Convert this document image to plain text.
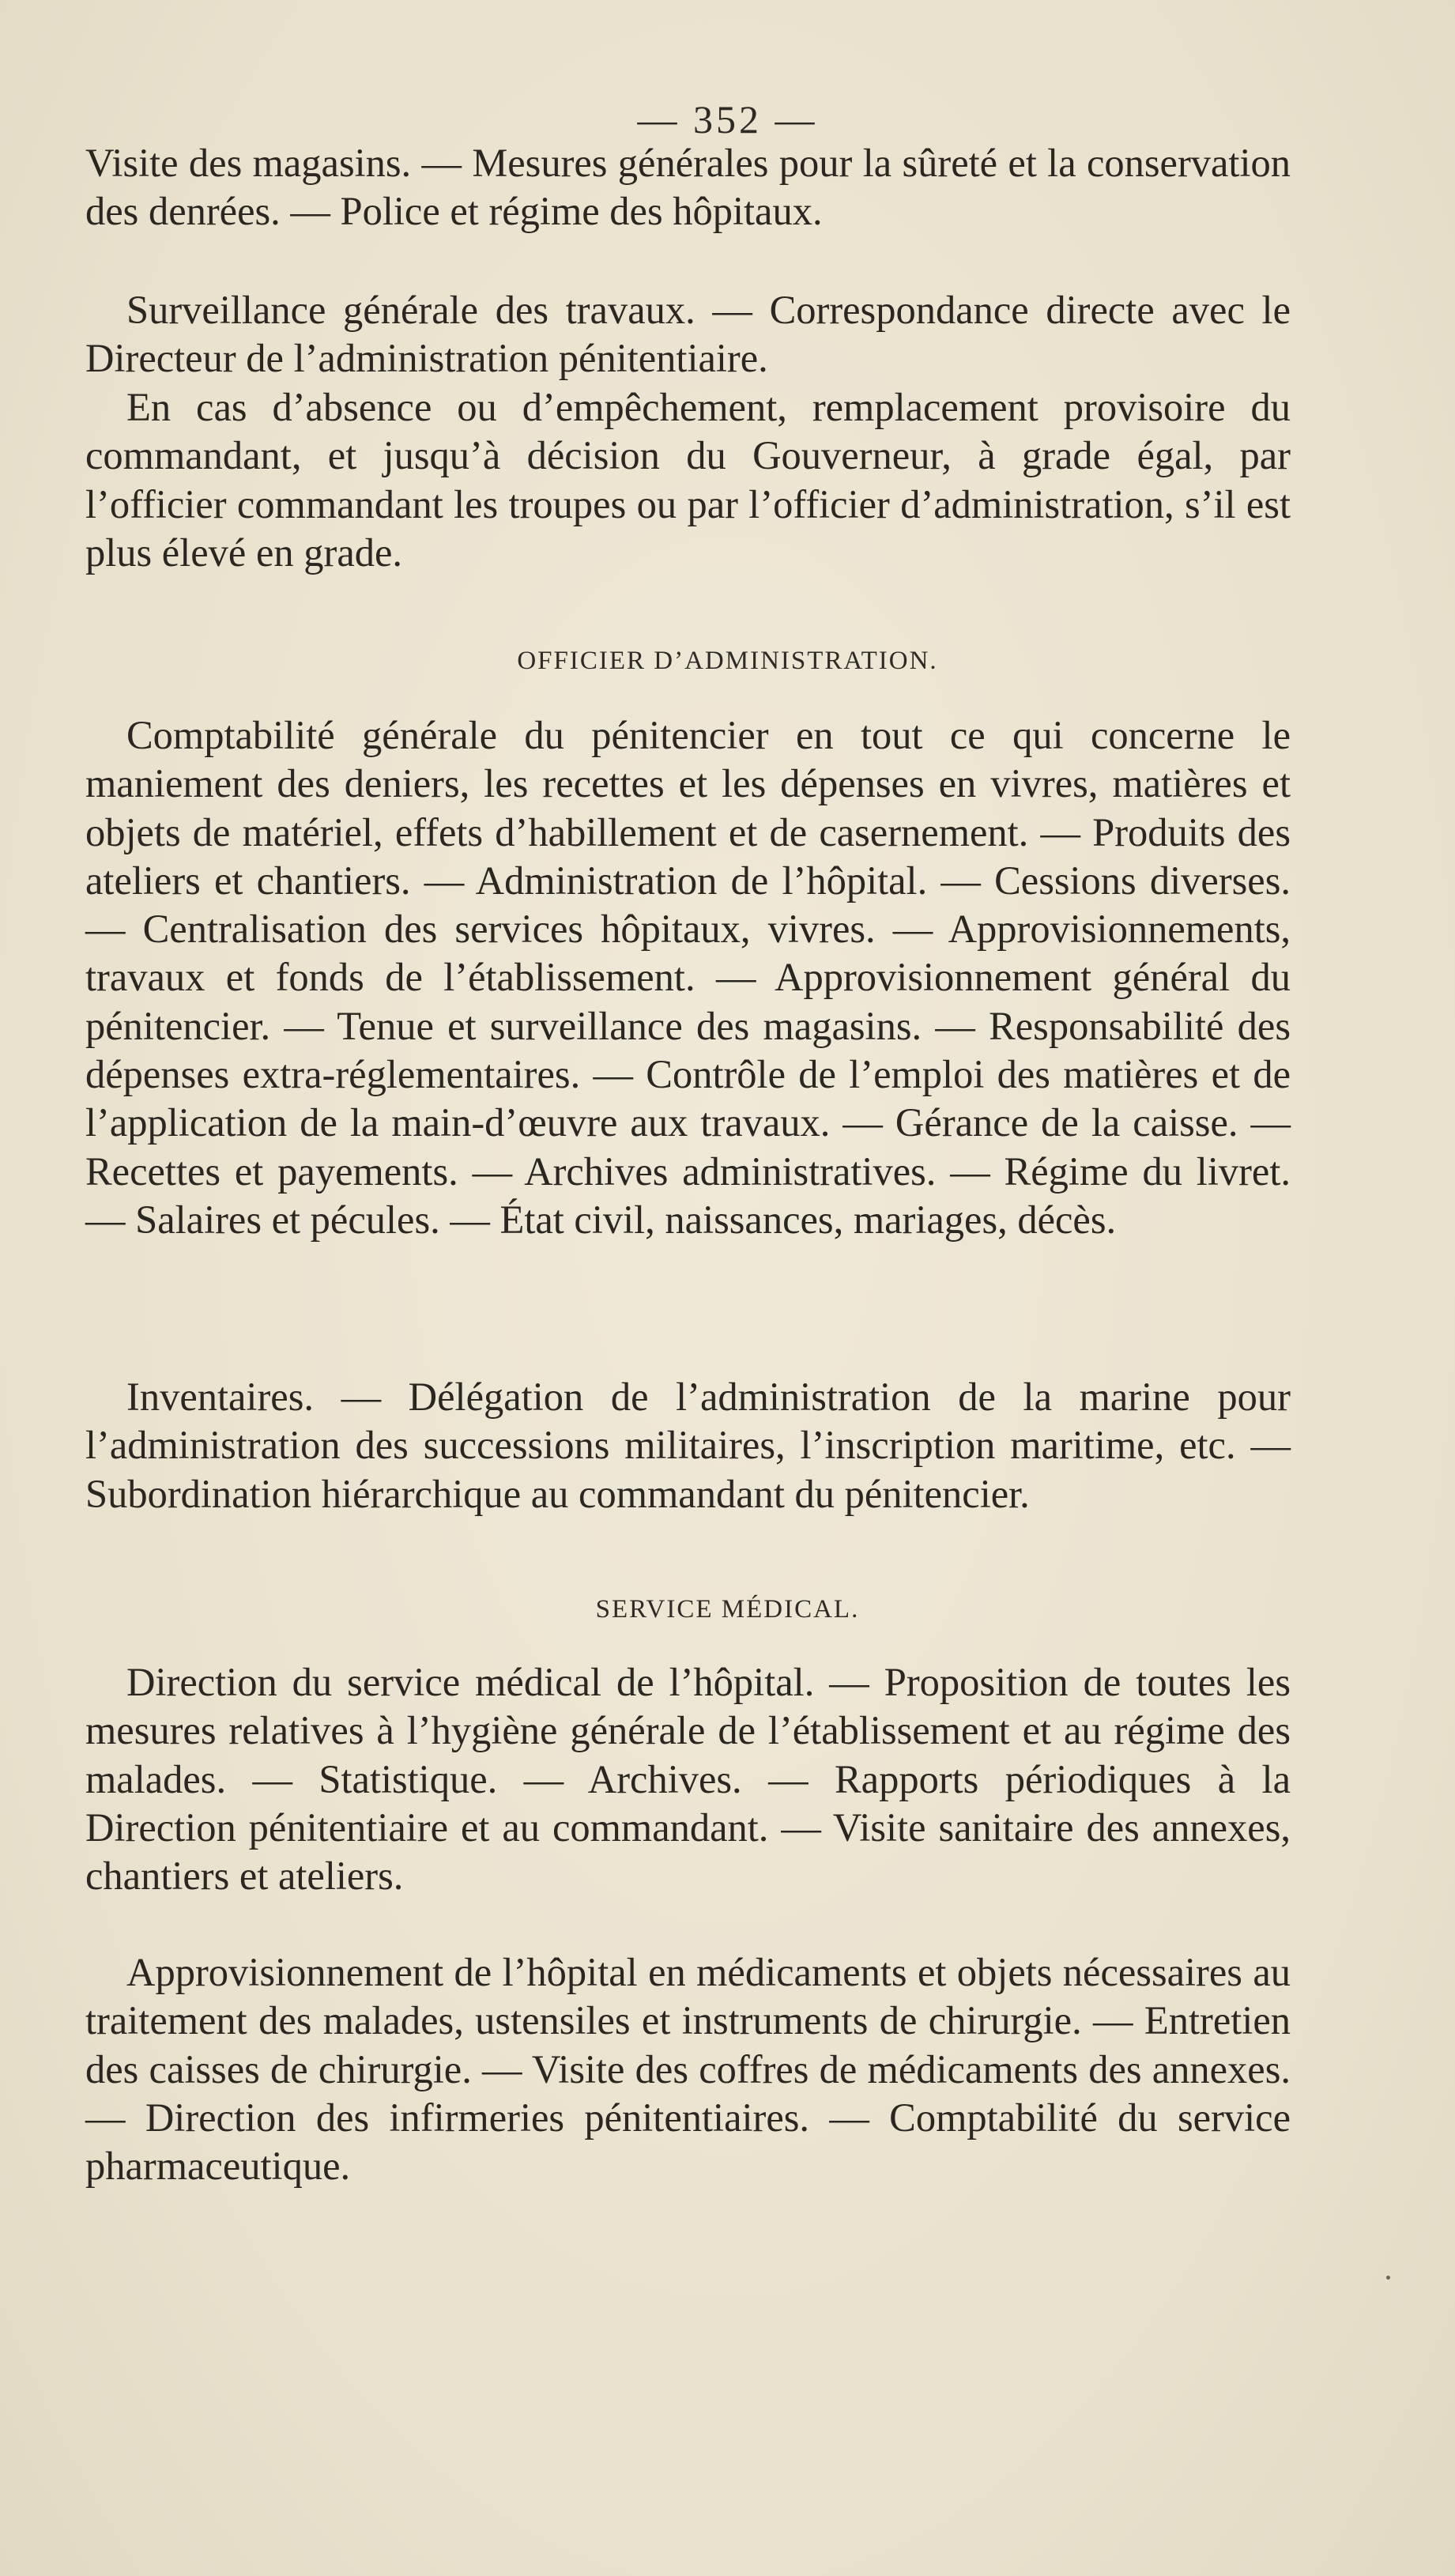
— 352 —

Visite des magasins. — Mesures générales pour la sûreté et la conservation des denrées. — Police et régime des hôpitaux.

Surveillance générale des travaux. — Correspondance directe avec le Directeur de l’administration pénitentiaire.

En cas d’absence ou d’empêchement, remplacement provisoire du commandant, et jusqu’à décision du Gouverneur, à grade égal, par l’officier commandant les troupes ou par l’officier d’administration, s’il est plus élevé en grade.

OFFICIER D’ADMINISTRATION.

Comptabilité générale du pénitencier en tout ce qui concerne le maniement des deniers, les recettes et les dépenses en vivres, matières et objets de matériel, effets d’habillement et de casernement. — Produits des ateliers et chantiers. — Administration de l’hôpital. — Cessions diverses. — Centralisation des services hôpitaux, vivres. — Approvisionnements, travaux et fonds de l’établissement. — Approvisionnement général du pénitencier. — Tenue et surveillance des magasins. — Responsabilité des dépenses extra-réglementaires. — Contrôle de l’emploi des matières et de l’application de la main-d’œuvre aux travaux. — Gérance de la caisse. — Recettes et payements. — Archives administratives. — Régime du livret. — Salaires et pécules. — État civil, naissances, mariages, décès.

Inventaires. — Délégation de l’administration de la marine pour l’administration des successions militaires, l’inscription maritime, etc. — Subordination hiérarchique au commandant du pénitencier.

SERVICE MÉDICAL.

Direction du service médical de l’hôpital. — Proposition de toutes les mesures relatives à l’hygiène générale de l’établissement et au régime des malades. — Statistique. — Archives. — Rapports périodiques à la Direction pénitentiaire et au commandant. — Visite sanitaire des annexes, chantiers et ateliers.

Approvisionnement de l’hôpital en médicaments et objets nécessaires au traitement des malades, ustensiles et instruments de chirurgie. — Entretien des caisses de chirurgie. — Visite des coffres de médicaments des annexes. — Direction des infirmeries pénitentiaires. — Comptabilité du service pharmaceutique.
